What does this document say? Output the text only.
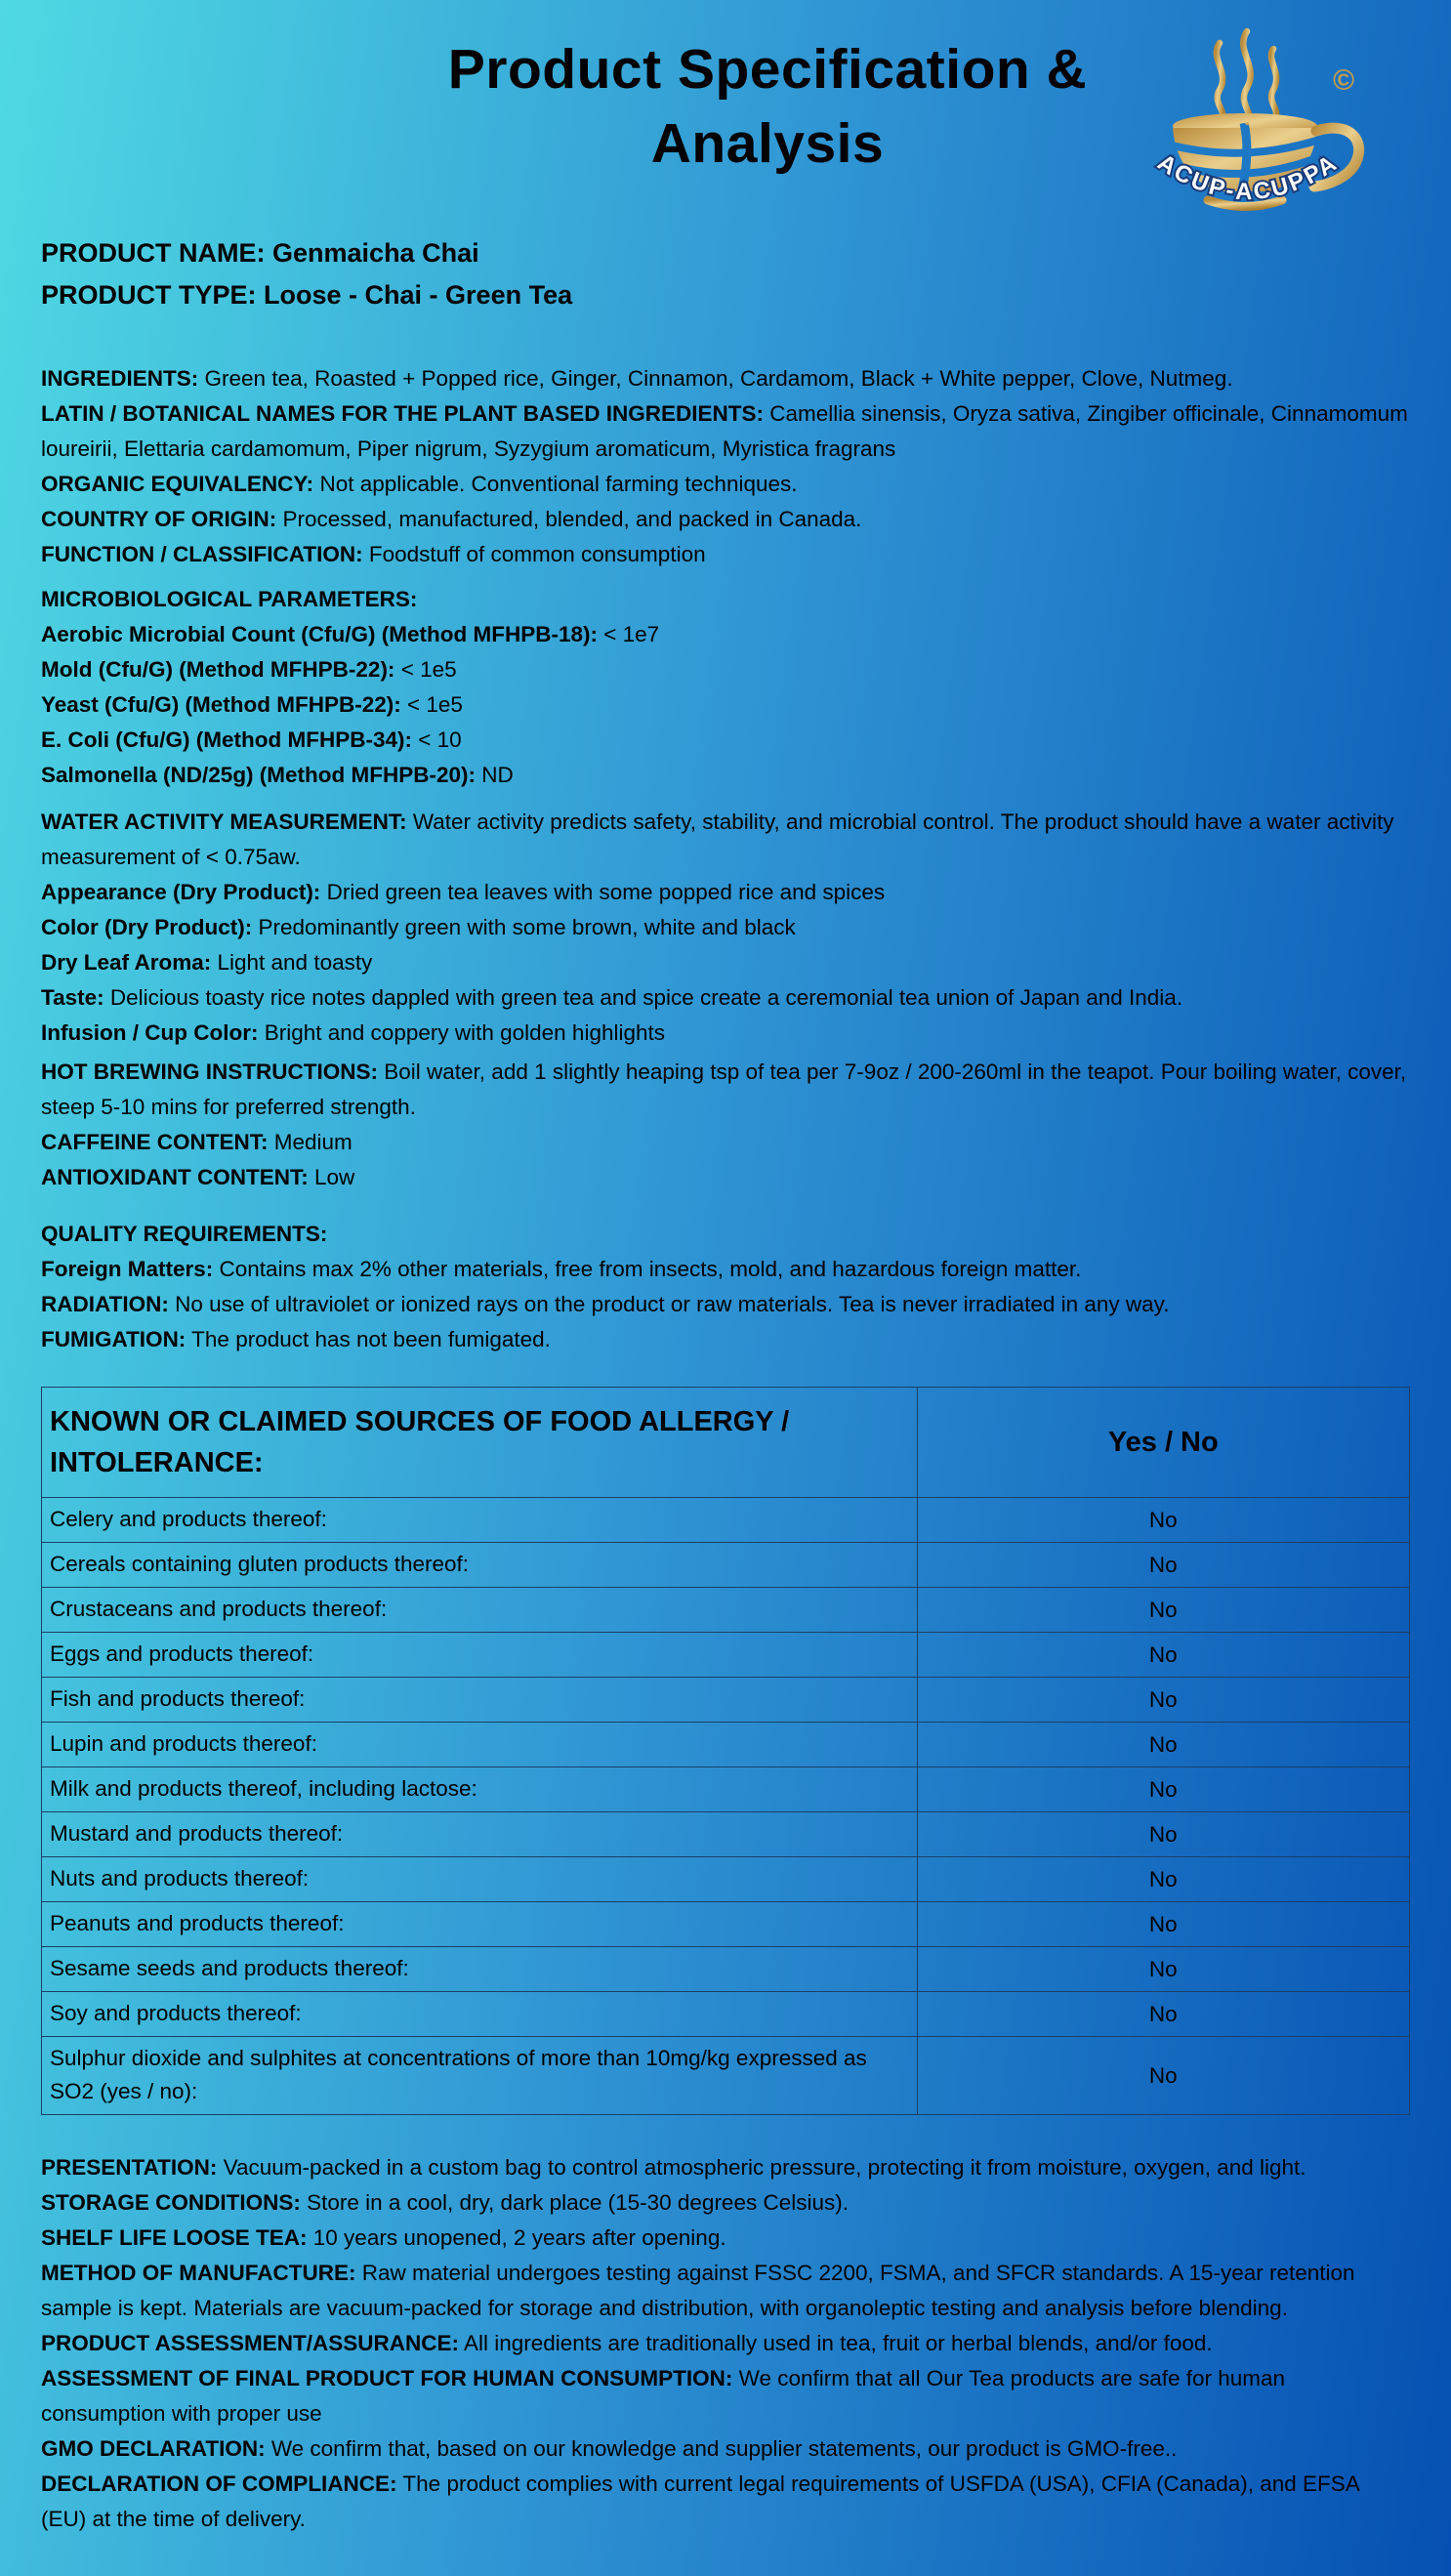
Product Specification &
Analysis	ACUP-ACUPPA
©

PRODUCT NAME: Genmaicha Chai

PRODUCT TYPE: Loose - Chai - Green Tea

INGREDIENTS: Green tea, Roasted + Popped rice, Ginger, Cinnamon, Cardamom, Black + White pepper, Clove, Nutmeg.

LATIN / BOTANICAL NAMES FOR THE PLANT BASED INGREDIENTS: Camellia sinensis, Oryza sativa, Zingiber officinale, Cinnamomum loureirii, Elettaria cardamomum, Piper nigrum, Syzygium aromaticum, Myristica fragrans

ORGANIC EQUIVALENCY: Not applicable. Conventional farming techniques.

COUNTRY OF ORIGIN: Processed, manufactured, blended, and packed in Canada.

FUNCTION / CLASSIFICATION: Foodstuff of common consumption

MICROBIOLOGICAL PARAMETERS:

Aerobic Microbial Count (Cfu/G) (Method MFHPB-18): < 1e7

Mold (Cfu/G) (Method MFHPB-22): < 1e5

Yeast (Cfu/G) (Method MFHPB-22): < 1e5

E. Coli (Cfu/G) (Method MFHPB-34): < 10

Salmonella (ND/25g) (Method MFHPB-20): ND

WATER ACTIVITY MEASUREMENT: Water activity predicts safety, stability, and microbial control. The product should have a water activity measurement of < 0.75aw.

Appearance (Dry Product): Dried green tea leaves with some popped rice and spices

Color (Dry Product): Predominantly green with some brown, white and black

Dry Leaf Aroma: Light and toasty

Taste: Delicious toasty rice notes dappled with green tea and spice create a ceremonial tea union of Japan and India.

Infusion / Cup Color: Bright and coppery with golden highlights

HOT BREWING INSTRUCTIONS: Boil water, add 1 slightly heaping tsp of tea per 7-9oz / 200-260ml in the teapot. Pour boiling water, cover, steep 5-10 mins for preferred strength.

CAFFEINE CONTENT: Medium

ANTIOXIDANT CONTENT: Low

QUALITY REQUIREMENTS:

Foreign Matters: Contains max 2% other materials, free from insects, mold, and hazardous foreign matter.

RADIATION: No use of ultraviolet or ionized rays on the product or raw materials. Tea is never irradiated in any way.

FUMIGATION: The product has not been fumigated.

KNOWN OR CLAIMED SOURCES OF FOOD ALLERGY / INTOLERANCE:	Yes / No
Celery and products thereof:	No
Cereals containing gluten products thereof:	No
Crustaceans and products thereof:	No
Eggs and products thereof:	No
Fish and products thereof:	No
Lupin and products thereof:	No
Milk and products thereof, including lactose:	No
Mustard and products thereof:	No
Nuts and products thereof:	No
Peanuts and products thereof:	No
Sesame seeds and products thereof:	No
Soy and products thereof:	No
Sulphur dioxide and sulphites at concentrations of more than 10mg/kg expressed as SO2 (yes / no):	No

PRESENTATION: Vacuum-packed in a custom bag to control atmospheric pressure, protecting it from moisture, oxygen, and light.

STORAGE CONDITIONS: Store in a cool, dry, dark place (15-30 degrees Celsius).

SHELF LIFE LOOSE TEA: 10 years unopened, 2 years after opening.

METHOD OF MANUFACTURE: Raw material undergoes testing against FSSC 2200, FSMA, and SFCR standards. A 15-year retention sample is kept. Materials are vacuum-packed for storage and distribution, with organoleptic testing and analysis before blending.

PRODUCT ASSESSMENT/ASSURANCE: All ingredients are traditionally used in tea, fruit or herbal blends, and/or food.

ASSESSMENT OF FINAL PRODUCT FOR HUMAN CONSUMPTION: We confirm that all Our Tea products are safe for human consumption with proper use

GMO DECLARATION: We confirm that, based on our knowledge and supplier statements, our product is GMO-free..

DECLARATION OF COMPLIANCE: The product complies with current legal requirements of USFDA (USA), CFIA (Canada), and EFSA (EU) at the time of delivery.
